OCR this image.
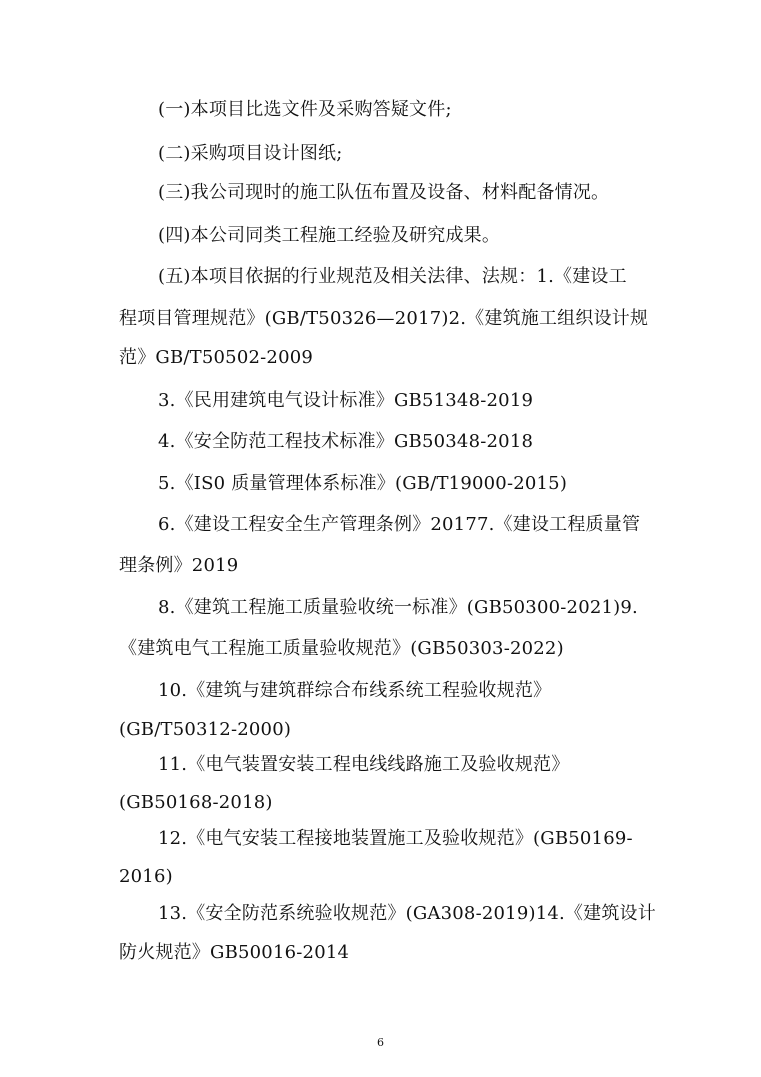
(一)本项目比选文件及采购答疑文件;
(二)采购项目设计图纸;
(三)我公司现时的施工队伍布置及设备、材料配备情况。
(四)本公司同类工程施工经验及研究成果。
(五)本项目依据的行业规范及相关法律、法规：1.《建设工
程项目管理规范》(GB/T50326—2017)2.《建筑施工组织设计规
范》GB/T50502-2009
3.《民用建筑电气设计标准》GB51348-2019
4.《安全防范工程技术标准》GB50348-2018
5.《IS0 质量管理体系标准》(GB/T19000-2015)
6.《建设工程安全生产管理条例》20177.《建设工程质量管
理条例》2019
8.《建筑工程施工质量验收统一标准》(GB50300-2021)9.
《建筑电气工程施工质量验收规范》(GB50303-2022)
10.《建筑与建筑群综合布线系统工程验收规范》
(GB/T50312-2000)
11.《电气装置安装工程电线线路施工及验收规范》
(GB50168-2018)
12.《电气安装工程接地装置施工及验收规范》(GB50169-
2016)
13.《安全防范系统验收规范》(GA308-2019)14.《建筑设计
防火规范》GB50016-2014
6
